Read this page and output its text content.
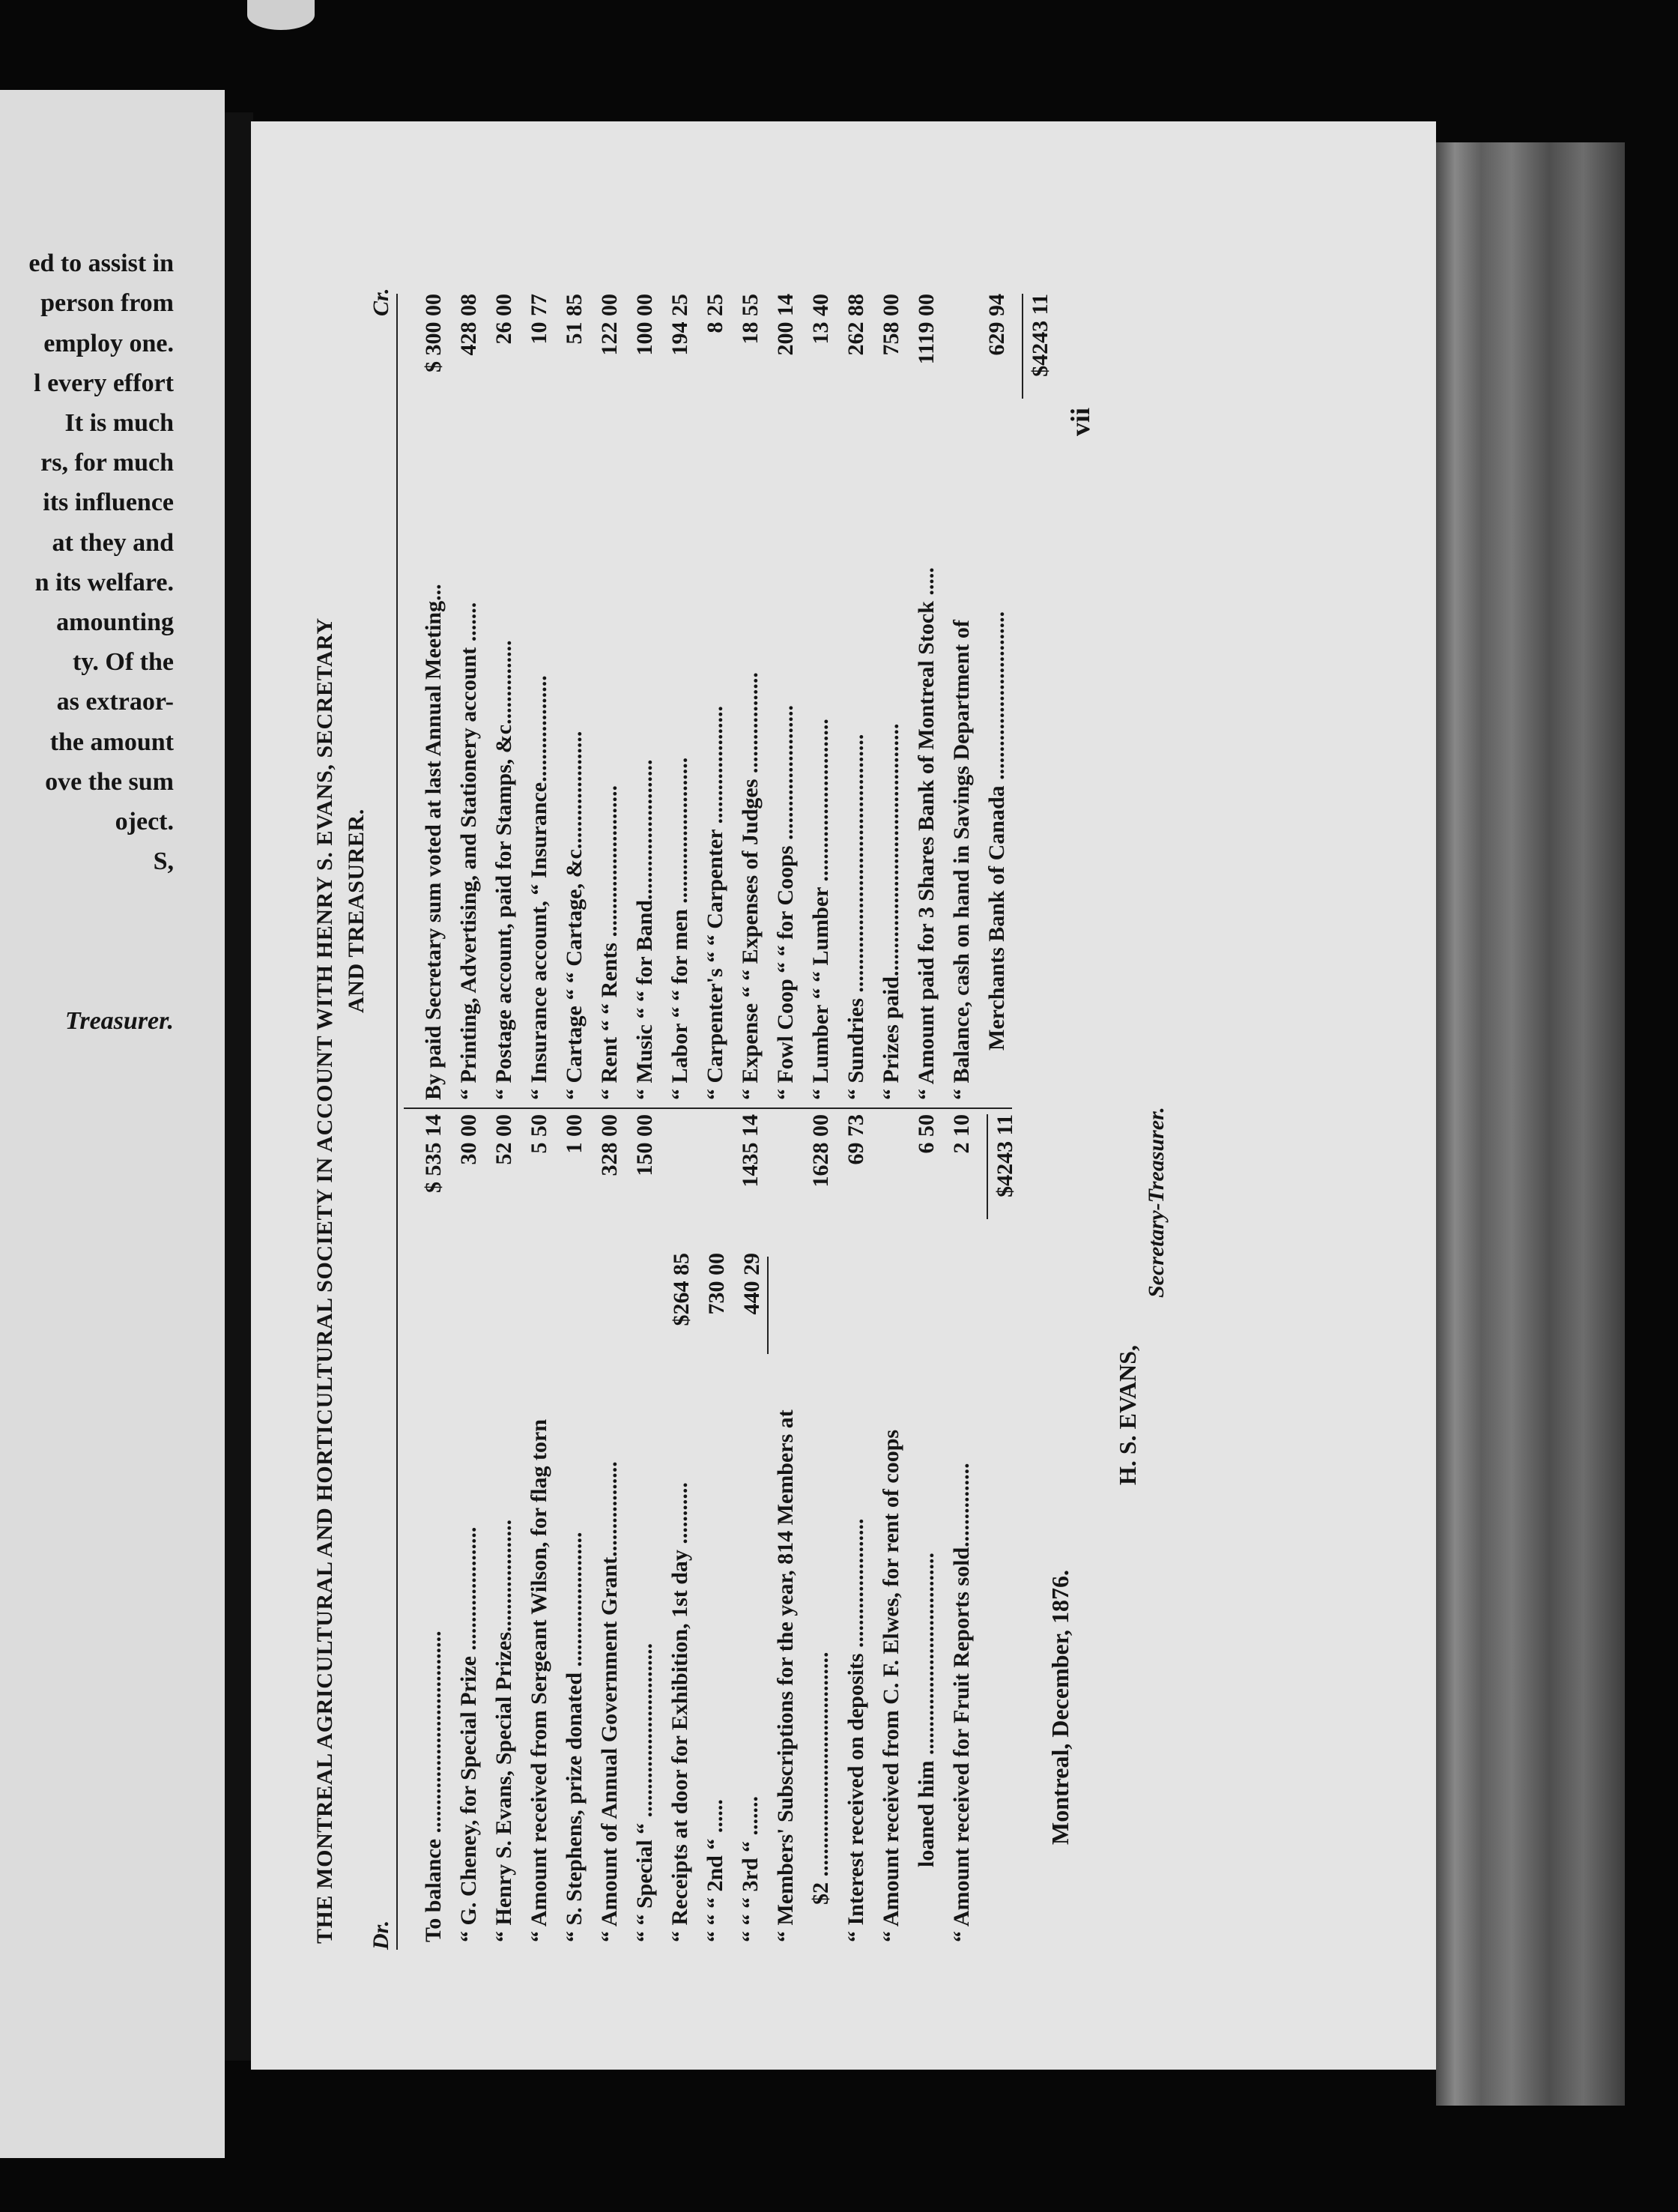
ed to assist in
person from
employ one.
l every effort
It is much
rs, for much
its influence
at they and
n its welfare.
amounting
ty. Of the
as extraor-
the amount
ove the sum
oject.
S,
Treasurer.
vii
THE MONTREAL AGRICULTURAL AND HORTICULTURAL SOCIETY IN ACCOUNT WITH HENRY S. EVANS, SECRETARY AND TREASURER.
Dr.
Cr.
To balance ....................................
$ 535 14
“ G. Cheney, for Special Prize ......................
30 00
“ Henry S. Evans, Special Prizes....................
52 00
“ Amount received from Sergeant Wilson, for flag torn
5 50
“ S. Stephens, prize donated ........................
1 00
“ Amount of Annual Government Grant.................
328 00
“ “ Special “ ...............................
150 00
“ Receipts at door for Exhibition, 1st day ........... “ “ “ 2nd “ ...... “ “ “ 3rd “ .......
1435 14
$264 85 730 00 440 29
“ Members' Subscriptions for the year, 814 Members at $2 ........................................
1628 00
“ Interest received on deposits .......................
69 73
“ Amount received from C. F. Elwes, for rent of coops loaned him ....................................
6 50
“ Amount received for Fruit Reports sold...............
2 10 $4243 11
By paid Secretary sum voted at last Annual Meeting...
$ 300 00
“ Printing, Advertising, and Stationery account .......
428 08
“ Postage account, paid for Stamps, &c...............
26 00
“ Insurance account, “ Insurance...................
10 77
“ Cartage “ “ Cartage, &c.....................
51 85
“ Rent “ “ Rents ...........................
122 00
“ Music “ “ for Band.........................
100 00
“ Labor “ “ for men ..........................
194 25
“ Carpenter's “ “ Carpenter .....................
8 25
“ Expense “ “ Expenses of Judges ..................
18 55
“ Fowl Coop “ “ for Coops ........................
200 14
“ Lumber “ “ Lumber .............................
13 40
“ Sundries ..............................................
262 88
“ Prizes paid.............................................
758 00
“ Amount paid for 3 Shares Bank of Montreal Stock .....
1119 00
“ Balance, cash on hand in Savings Department of Merchants Bank of Canada ..............................
629 94 $4243 11
Montreal, December, 1876.
H. S. EVANS,
Secretary-Treasurer.
